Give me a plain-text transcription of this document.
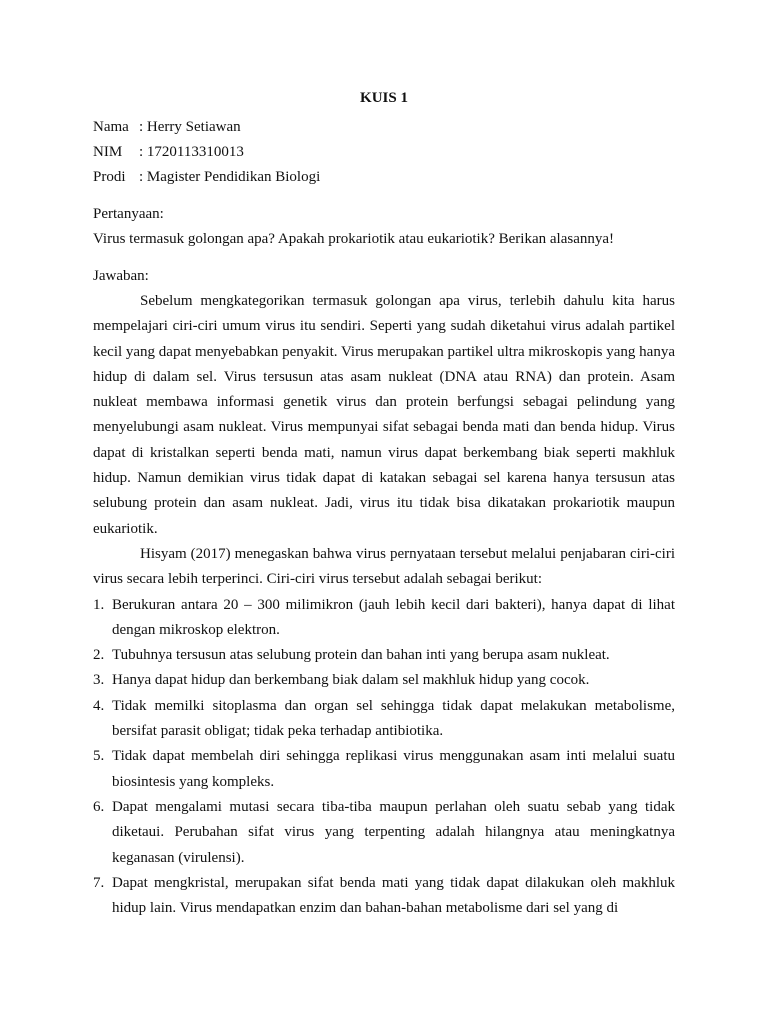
KUIS 1
Nama : Herry Setiawan
NIM	: 1720113310013
Prodi : Magister Pendidikan Biologi

Pertanyaan:

Virus termasuk golongan apa? Apakah prokariotik atau eukariotik? Berikan alasannya!

Jawaban:

Sebelum mengkategorikan termasuk golongan apa virus, terlebih dahulu kita harus mempelajari ciri-ciri umum virus itu sendiri. Seperti yang sudah diketahui virus adalah partikel kecil yang dapat menyebabkan penyakit. Virus merupakan partikel ultra mikroskopis yang hanya hidup di dalam sel. Virus tersusun atas asam nukleat (DNA atau RNA) dan protein. Asam nukleat membawa informasi genetik virus dan protein berfungsi sebagai pelindung yang menyelubungi asam nukleat. Virus mempunyai sifat sebagai benda mati dan benda hidup. Virus dapat di kristalkan seperti benda mati, namun virus dapat berkembang biak seperti makhluk hidup. Namun demikian virus tidak dapat di katakan sebagai sel karena hanya tersusun atas selubung protein dan asam nukleat. Jadi, virus itu tidak bisa dikatakan prokariotik maupun eukariotik.

Hisyam (2017) menegaskan bahwa virus pernyataan tersebut melalui penjabaran ciri-ciri virus secara lebih terperinci. Ciri-ciri virus tersebut adalah sebagai berikut:

1. Berukuran antara 20 – 300 milimikron (jauh lebih kecil dari bakteri), hanya dapat di lihat dengan mikroskop elektron.
2. Tubuhnya tersusun atas selubung protein dan bahan inti yang berupa asam nukleat.
3. Hanya dapat hidup dan berkembang biak dalam sel makhluk hidup yang cocok.
4. Tidak memilki sitoplasma dan organ sel sehingga tidak dapat melakukan metabolisme, bersifat parasit obligat; tidak peka terhadap antibiotika.
5. Tidak dapat membelah diri sehingga replikasi virus menggunakan asam inti melalui suatu biosintesis yang kompleks.
6. Dapat mengalami mutasi secara tiba-tiba maupun perlahan oleh suatu sebab yang tidak diketaui. Perubahan sifat virus yang terpenting adalah hilangnya atau meningkatnya keganasan (virulensi).
7. Dapat mengkristal, merupakan sifat benda mati yang tidak dapat dilakukan oleh makhluk hidup lain. Virus mendapatkan enzim dan bahan-bahan metabolisme dari sel yang di
